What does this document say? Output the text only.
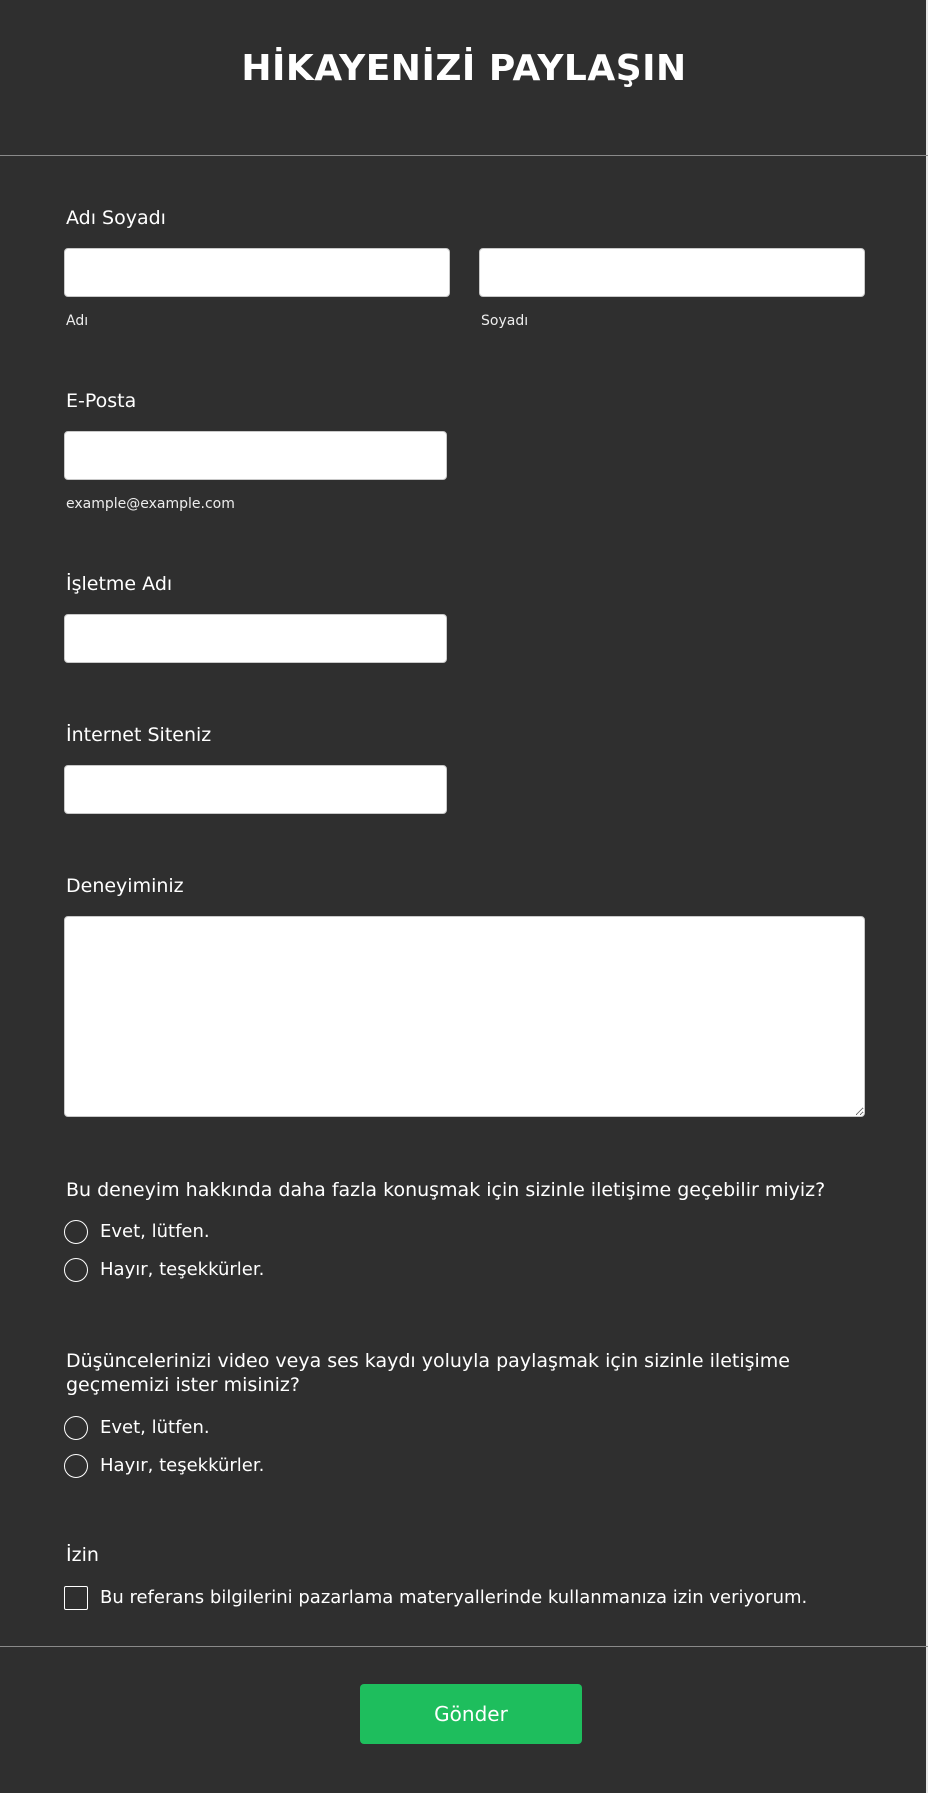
HİKAYENİZİ PAYLAŞIN
Adı Soyadı
Adı	Soyadı
E-Posta
example@example.com
İşletme Adı
İnternet Siteniz
Deneyiminiz
Bu deneyim hakkında daha fazla konuşmak için sizinle iletişime geçebilir miyiz?
Evet, lütfen.
Hayır, teşekkürler.
Düşüncelerinizi video veya ses kaydı yoluyla paylaşmak için sizinle iletişime geçmemizi ister misiniz?
Evet, lütfen.
Hayır, teşekkürler.
İzin
Bu referans bilgilerini pazarlama materyallerinde kullanmanıza izin veriyorum.
Gönder
